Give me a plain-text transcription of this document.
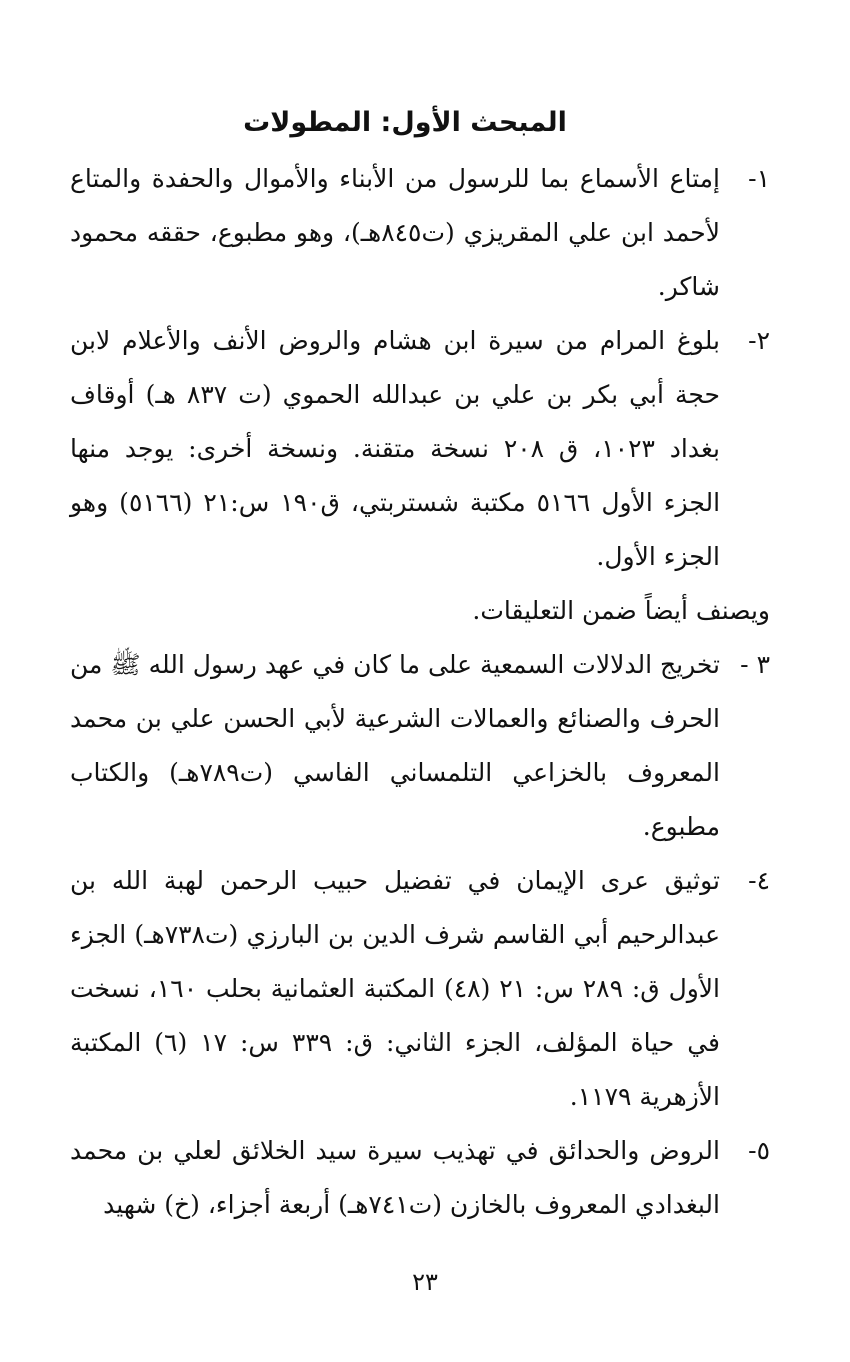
المبحث الأول: المطولات
١-
إمتاع الأسماع بما للرسول من الأبناء والأموال والحفدة والمتاع لأحمد ابن علي المقريزي (ت٨٤٥هـ)، وهو مطبوع، حققه محمود شاكر.
٢-
بلوغ المرام من سيرة ابن هشام والروض الأنف والأعلام لابن حجة أبي بكر بن علي بن عبدالله الحموي (ت ٨٣٧ هـ) أوقاف بغداد ١٠٢٣، ق ٢٠٨ نسخة متقنة. ونسخة أخرى: يوجد منها الجزء الأول ٥١٦٦ مكتبة شستربتي، ق١٩٠ س:٢١ (٥١٦٦) وهو الجزء الأول.

ويصنف أيضاً ضمن التعليقات.

٣ -
تخريج الدلالات السمعية على ما كان في عهد رسول الله ﷺ من الحرف والصنائع والعمالات الشرعية لأبي الحسن علي بن محمد المعروف بالخزاعي التلمساني الفاسي (ت٧٨٩هـ) والكتاب مطبوع.
٤-
توثيق عرى الإيمان في تفضيل حبيب الرحمن لهبة الله بن عبدالرحيم أبي القاسم شرف الدين بن البارزي (ت٧٣٨هـ) الجزء الأول ق: ٢٨٩ س: ٢١ (٤٨) المكتبة العثمانية بحلب ١٦٠، نسخت في حياة المؤلف، الجزء الثاني: ق: ٣٣٩ س: ١٧ (٦) المكتبة الأزهرية ١١٧٩.
٥-
الروض والحدائق في تهذيب سيرة سيد الخلائق لعلي بن محمد البغدادي المعروف بالخازن (ت٧٤١هـ) أربعة أجزاء، (خ) شهيد
٢٣
